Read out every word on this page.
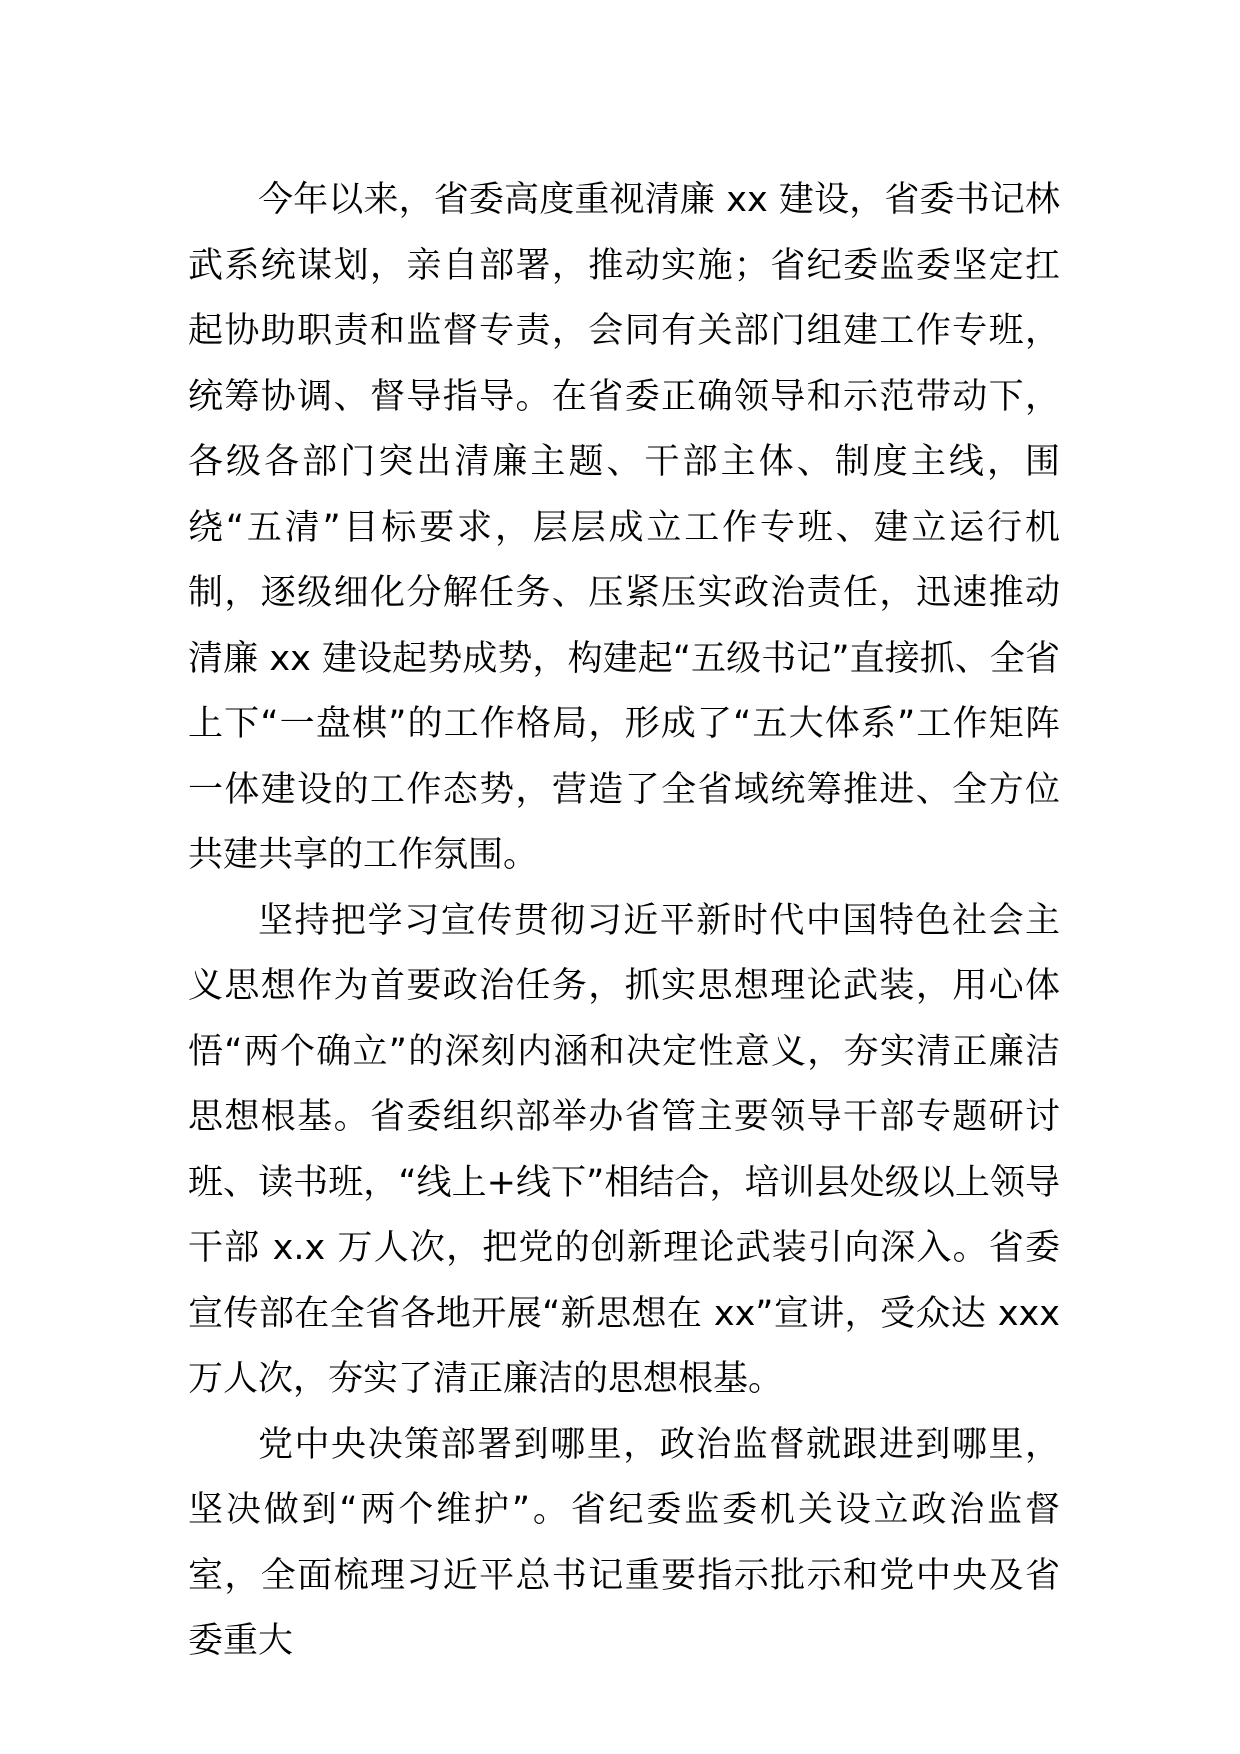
今年以来，省委高度重视清廉 xx 建设，省委书记林武系统谋划，亲自部署，推动实施；省纪委监委坚定扛起协助职责和监督专责，会同有关部门组建工作专班，统筹协调、督导指导。在省委正确领导和示范带动下，各级各部门突出清廉主题、干部主体、制度主线，围绕“五清”目标要求，层层成立工作专班、建立运行机制，逐级细化分解任务、压紧压实政治责任，迅速推动清廉 xx 建设起势成势，构建起“五级书记”直接抓、全省上下“一盘棋”的工作格局，形成了“五大体系”工作矩阵一体建设的工作态势，营造了全省域统筹推进、全方位共建共享的工作氛围。

坚持把学习宣传贯彻习近平新时代中国特色社会主义思想作为首要政治任务，抓实思想理论武装，用心体悟“两个确立”的深刻内涵和决定性意义，夯实清正廉洁思想根基。省委组织部举办省管主要领导干部专题研讨班、读书班，“线上+线下”相结合，培训县处级以上领导干部 x.x 万人次，把党的创新理论武装引向深入。省委宣传部在全省各地开展“新思想在 xx”宣讲，受众达 xxx 万人次，夯实了清正廉洁的思想根基。

党中央决策部署到哪里，政治监督就跟进到哪里，坚决做到“两个维护”。省纪委监委机关设立政治监督室，全面梳理习近平总书记重要指示批示和党中央及省委重大
